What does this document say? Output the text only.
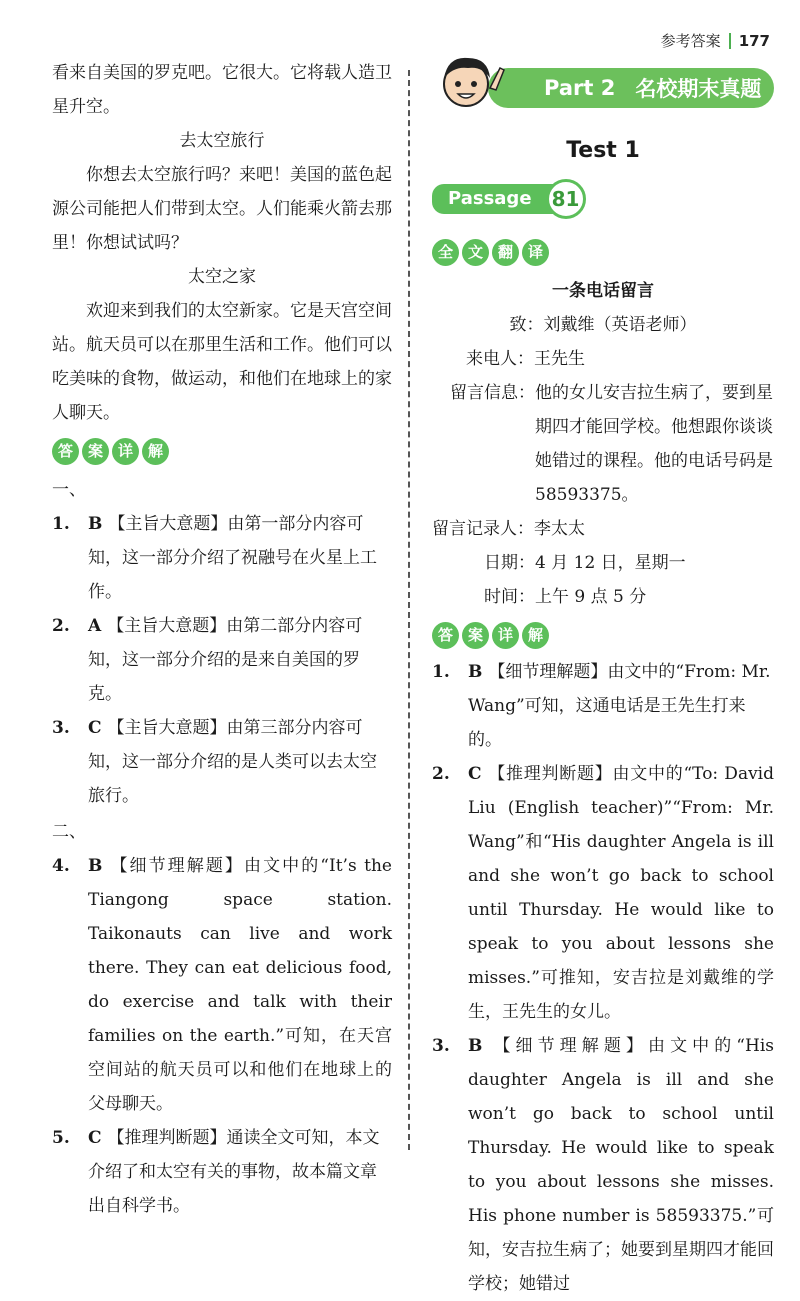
参考答案 177

看来自美国的罗克吧。它很大。它将载人造卫星升空。

去太空旅行

你想去太空旅行吗？来吧！美国的蓝色起源公司能把人们带到太空。人们能乘火箭去那里！你想试试吗？

太空之家

欢迎来到我们的太空新家。它是天宫空间站。航天员可以在那里生活和工作。他们可以吃美味的食物，做运动，和他们在地球上的家人聊天。

答 案 详 解
一、
1.	B 【主旨大意题】由第一部分内容可知，这一部分介绍了祝融号在火星上工作。
2.	A 【主旨大意题】由第二部分内容可知，这一部分介绍的是来自美国的罗克。
3.	C 【主旨大意题】由第三部分内容可知，这一部分介绍的是人类可以去太空旅行。
二、
4.	B 【细节理解题】由文中的“It’s the Tiangong space station. Taikonauts can live and work there. They can eat delicious food, do exercise and talk with their families on the earth.”可知，在天宫空间站的航天员可以和他们在地球上的父母聊天。
5.	C 【推理判断题】通读全文可知，本文介绍了和太空有关的事物，故本篇文章出自科学书。
Part 2 名校期末真题
Test 1
Passage	81
全 文 翻 译
一条电话留言
致：刘戴维（英语老师）
来电人：王先生
留言信息： 他的女儿安吉拉生病了，要到星期四才能回学校。他想跟你谈谈她错过的课程。他的电话号码是 58593375。
留言记录人：李太太
日期：4 月 12 日，星期一
时间：上午 9 点 5 分
答 案 详 解
1.	B 【细节理解题】由文中的“From: Mr. Wang”可知，这通电话是王先生打来的。
2.	C 【推理判断题】由文中的“To: David Liu (English teacher)”“From: Mr. Wang”和“His daughter Angela is ill and she won’t go back to school until Thursday. He would like to speak to you about lessons she misses.”可推知，安吉拉是刘戴维的学生，王先生的女儿。
3.	B 【细节理解题】由文中的“His daughter Angela is ill and she won’t go back to school until Thursday. He would like to speak to you about lessons she misses. His phone number is 58593375.”可知，安吉拉生病了；她要到星期四才能回学校；她错过
